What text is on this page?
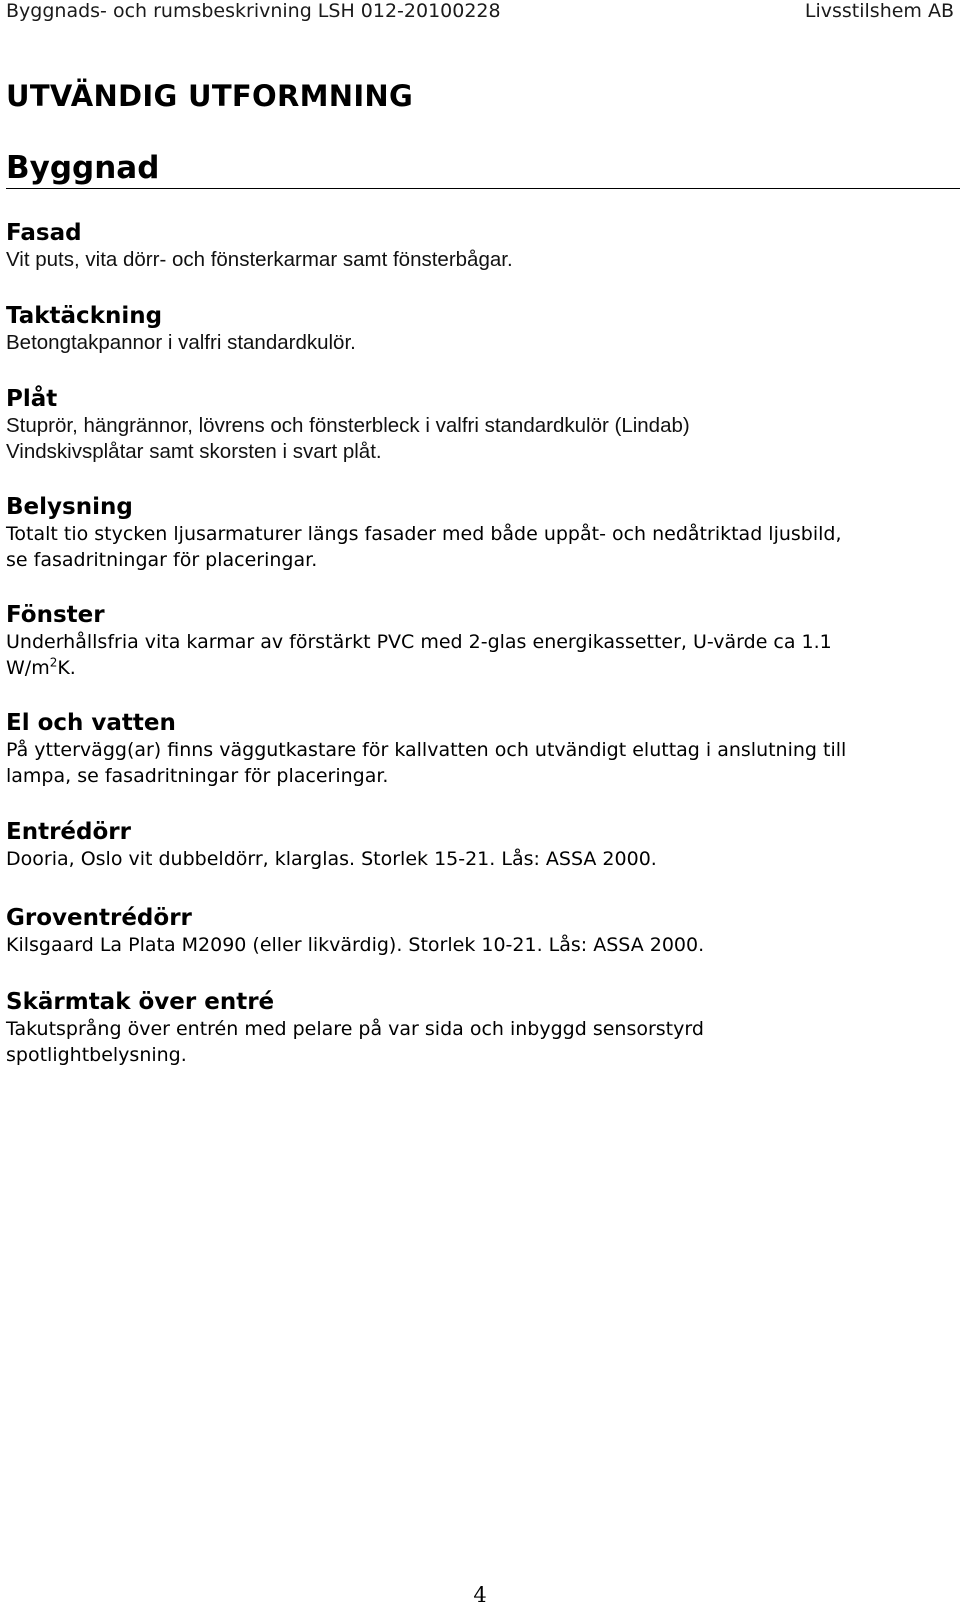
Byggnads- och rumsbeskrivning LSH 012-20100228	Livsstilshem AB
UTVÄNDIG UTFORMNING
Byggnad
Fasad

Vit puts, vita dörr- och fönsterkarmar samt fönsterbågar.

Taktäckning

Betongtakpannor i valfri standardkulör.

Plåt

Stuprör, hängrännor, lövrens och fönsterbleck i valfri standardkulör (Lindab)

Vindskivsplåtar samt skorsten i svart plåt.

Belysning

Totalt tio stycken ljusarmaturer längs fasader med både uppåt- och nedåtriktad ljusbild,

se fasadritningar för placeringar.

Fönster

Underhållsfria vita karmar av förstärkt PVC med 2-glas energikassetter, U-värde ca 1.1

$W/m^2K$.

El och vatten

På yttervägg(ar) finns väggutkastare för kallvatten och utvändigt eluttag i anslutning till

lampa, se fasadritningar för placeringar.

Entrédörr

Dooria, Oslo vit dubbeldörr, klarglas. Storlek 15-21. Lås: ASSA 2000.

Groventrédörr

Kilsgaard La Plata M2090 (eller likvärdig). Storlek 10-21. Lås: ASSA 2000.

Skärmtak över entré

Takutsprång över entrén med pelare på var sida och inbyggd sensorstyrd

spotlightbelysning.

4
